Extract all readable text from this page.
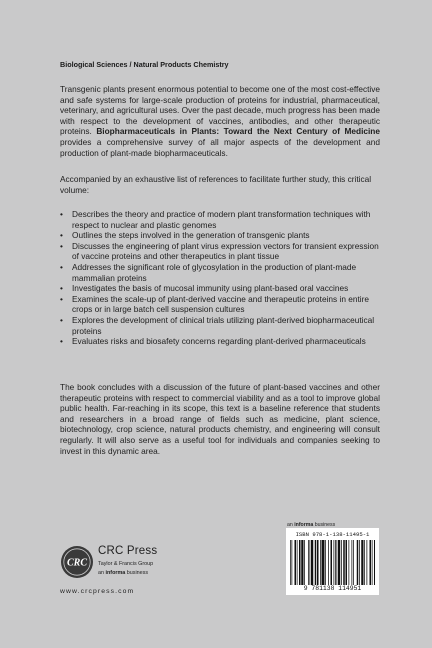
Biological Sciences / Natural Products Chemistry
Transgenic plants present enormous potential to become one of the most cost-effective and safe systems for large-scale production of proteins for industrial, pharmaceutical, veterinary, and agricultural uses. Over the past decade, much progress has been made with respect to the development of vaccines, antibodies, and other therapeutic proteins. Biopharmaceuticals in Plants: Toward the Next Century of Medicine provides a comprehensive survey of all major aspects of the development and production of plant-made biopharmaceuticals.
Accompanied by an exhaustive list of references to facilitate further study, this critical volume:
• Describes the theory and practice of modern plant transformation techniques with respect to nuclear and plastic genomes
• Outlines the steps involved in the generation of transgenic plants
• Discusses the engineering of plant virus expression vectors for transient expression of vaccine proteins and other therapeutics in plant tissue
• Addresses the significant role of glycosylation in the production of plant-made mammalian proteins
• Investigates the basis of mucosal immunity using plant-based oral vaccines
• Examines the scale-up of plant-derived vaccine and therapeutic proteins in entire crops or in large batch cell suspension cultures
• Explores the development of clinical trials utilizing plant-derived biopharmaceutical proteins
• Evaluates risks and biosafety concerns regarding plant-derived pharmaceuticals
The book concludes with a discussion of the future of plant-based vaccines and other therapeutic proteins with respect to commercial viability and as a tool to improve global public health. Far-reaching in its scope, this text is a baseline reference that students and researchers in a broad range of fields such as medicine, plant science, biotechnology, crop science, natural products chemistry, and engineering will consult regularly. It will also serve as a useful tool for individuals and companies seeking to invest in this dynamic area.
CRC
CRC Press
Taylor & Francis Group
an informa business
www.crcpress.com
an informa business
ISBN 978-1-138-11495-1
9 781138 114951
